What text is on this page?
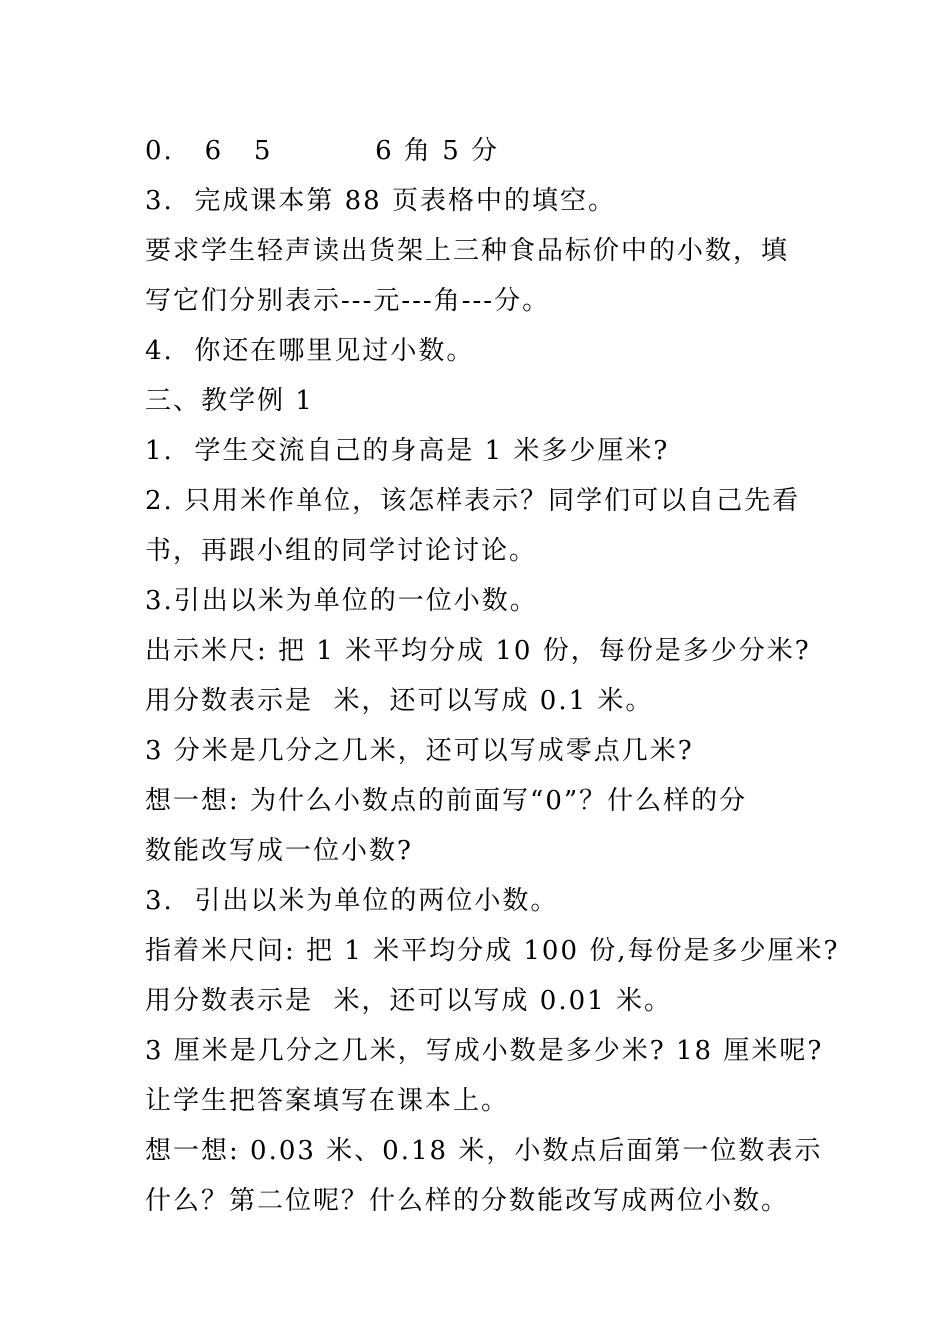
0.   6   5          6 角 5 分
3.  完成课本第 88 页表格中的填空。
要求学生轻声读出货架上三种食品标价中的小数，填
写它们分别表示---元---角---分。
4.  你还在哪里见过小数。
三、教学例 1
1.  学生交流自己的身高是 1 米多少厘米?
2. 只用米作单位，该怎样表示？同学们可以自己先看
书，再跟小组的同学讨论讨论。
3.引出以米为单位的一位小数。
出示米尺: 把 1 米平均分成 10 份，每份是多少分米?
用分数表示是  米，还可以写成 0.1 米。
3 分米是几分之几米，还可以写成零点几米?
想一想: 为什么小数点的前面写“0”？什么样的分
数能改写成一位小数?
3.  引出以米为单位的两位小数。
指着米尺问: 把 1 米平均分成 100 份,每份是多少厘米?
用分数表示是  米，还可以写成 0.01 米。
3 厘米是几分之几米，写成小数是多少米? 18 厘米呢?
让学生把答案填写在课本上。
想一想: 0.03 米、0.18 米，小数点后面第一位数表示
什么？第二位呢？什么样的分数能改写成两位小数。
